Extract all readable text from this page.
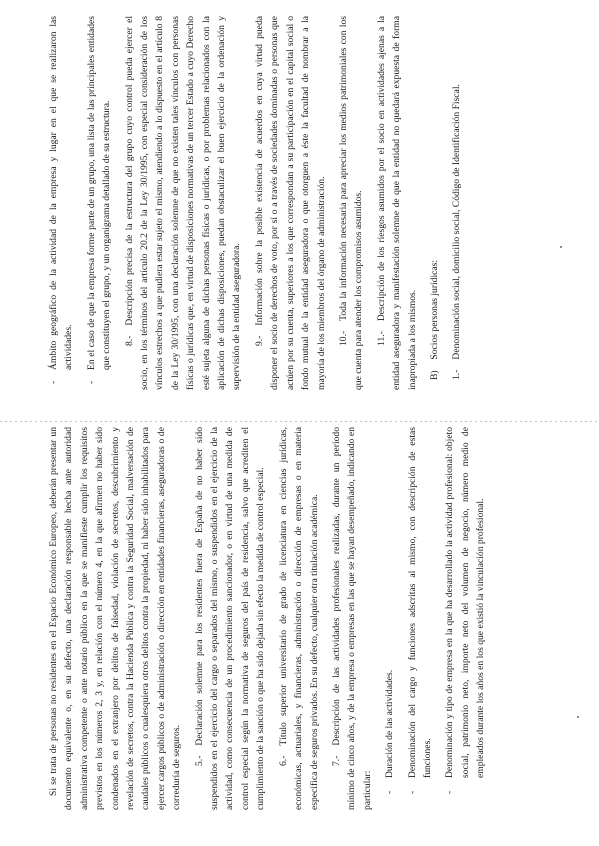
Si se trata de personas no residentes en el Espacio Económico Europeo, deberán presentar un documento equivalente o, en su defecto, una declaración responsable hecha ante autoridad administrativa competente o ante notario público en la que se manifieste cumplir los requisitos previstos en los números 2, 3 y, en relación con el número 4, en la que afirmen no haber sido condenados en el extranjero por delitos de falsedad, violación de secretos, descubrimiento y revelación de secretos, contra la Hacienda Pública y contra la Seguridad Social, malversación de caudales públicos o cualesquiera otros delitos contra la propiedad, ni haber sido inhabilitados para ejercer cargos públicos o de administración o dirección en entidades financieras, aseguradoras o de correduría de seguros. 5.-Declaración solemne para los residentes fuera de España de no haber sido suspendidos en el ejercicio del cargo o separados del mismo, o suspendidos en el ejercicio de la actividad, como consecuencia de un procedimiento sancionador, o en virtud de una medida de control especial según la normativa de seguros del país de residencia, salvo que acrediten el cumplimiento de la sanción o que ha sido dejada sin efecto la medida de control especial. 6.-Título superior universitario de grado de licenciatura en ciencias jurídicas, económicas, actuariales, y financieras, administración o dirección de empresas o en materia específica de seguros privados. En su defecto, cualquier otra titulación académica. 7.-Descripción de las actividades profesionales realizadas, durante un periodo mínimo de cinco años, y de la empresa o empresas en las que se hayan desempeñado, indicando en particular: -
Duración de las actividades.
-
Denominación del cargo y funciones adscritas al mismo, con descripción de estas funciones.
-
Denominación y tipo de empresa en la que ha desarrollado la actividad profesional: objeto social, patrimonio neto, importe neto del volumen de negocio, número medio de empleados durante los años en los que existió la vinculación profesional.
-
Ámbito geográfico de la actividad de la empresa y lugar en el que se realizaron las actividades.
-
En el caso de que la empresa forme parte de un grupo, una lista de las principales entidades que constituyen el grupo, y un organigrama detallado de su estructura. 8.-Descripción precisa de la estructura del grupo cuyo control pueda ejercer el socio, en los términos del artículo 20.2 de la Ley 30/1995, con especial consideración de los vínculos estrechos a que pudiera estar sujeto el mismo, atendiendo a lo dispuesto en el artículo 8 de la Ley 30/1995, con una declaración solemne de que no existen tales vínculos con personas físicas o jurídicas que, en virtud de disposiciones normativas de un tercer Estado a cuyo Derecho esté sujeta alguna de dichas personas físicas o jurídicas, o por problemas relacionados con la aplicación de dichas disposiciones, puedan obstaculizar el buen ejercicio de la ordenación y supervisión de la entidad aseguradora. 9.-Información sobre la posible existencia de acuerdos en cuya virtud pueda disponer el socio de derechos de voto, por sí o a través de sociedades dominadas o personas que actúen por su cuenta, superiores a los que correspondan a su participación en el capital social o fondo mutual de la entidad aseguradora o que otorguen a éste la facultad de nombrar a la mayoría de los miembros del órgano de administración. 10.-Toda la información necesaria para apreciar los medios patrimoniales con los que cuenta para atender los compromisos asumidos. 11.-Descripción de los riesgos asumidos por el socio en actividades ajenas a la entidad aseguradora y manifestación solemne de que la entidad no quedará expuesta de forma inapropiada a los mismos. B) Socios personas jurídicas:

1.-Denominación social, domicilio social, Código de Identificación Fiscal.
